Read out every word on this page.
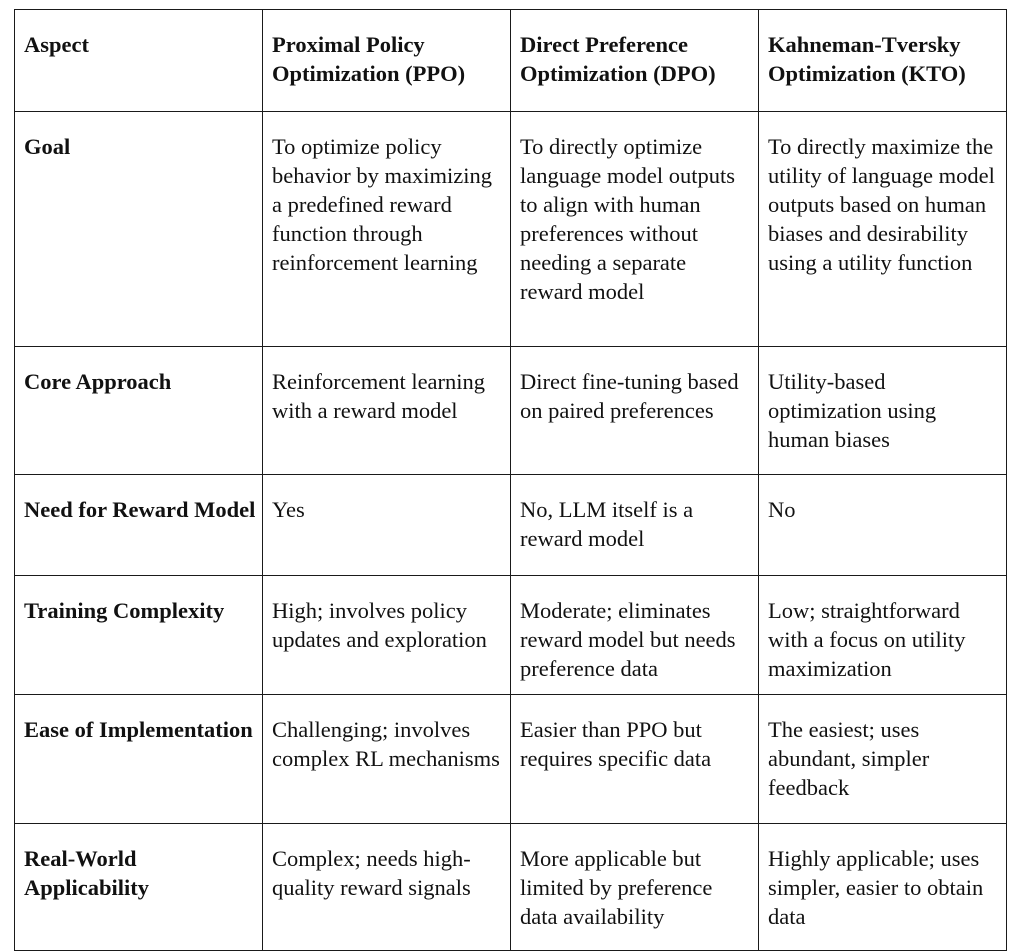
Aspect	Proximal Policy Optimization (PPO)	Direct Preference Optimization (DPO)	Kahneman-Tversky Optimization (KTO)
Goal	To optimize policy behavior by maximizing a predefined reward function through reinforcement learning	To directly optimize language model outputs to align with human preferences without needing a separate reward model	To directly maximize the utility of language model outputs based on human biases and desirability using a utility function
Core Approach	Reinforcement learning with a reward model	Direct fine-tuning based on paired preferences	Utility-based optimization using human biases
Need for Reward Model	Yes	No, LLM itself is a reward model	No
Training Complexity	High; involves policy updates and exploration	Moderate; eliminates reward model but needs preference data	Low; straightforward with a focus on utility maximization
Ease of Implementation	Challenging; involves complex RL mechanisms	Easier than PPO but requires specific data	The easiest; uses abundant, simpler feedback
Real-World Applicability	Complex; needs high-quality reward signals	More applicable but limited by preference data availability	Highly applicable; uses simpler, easier to obtain data
